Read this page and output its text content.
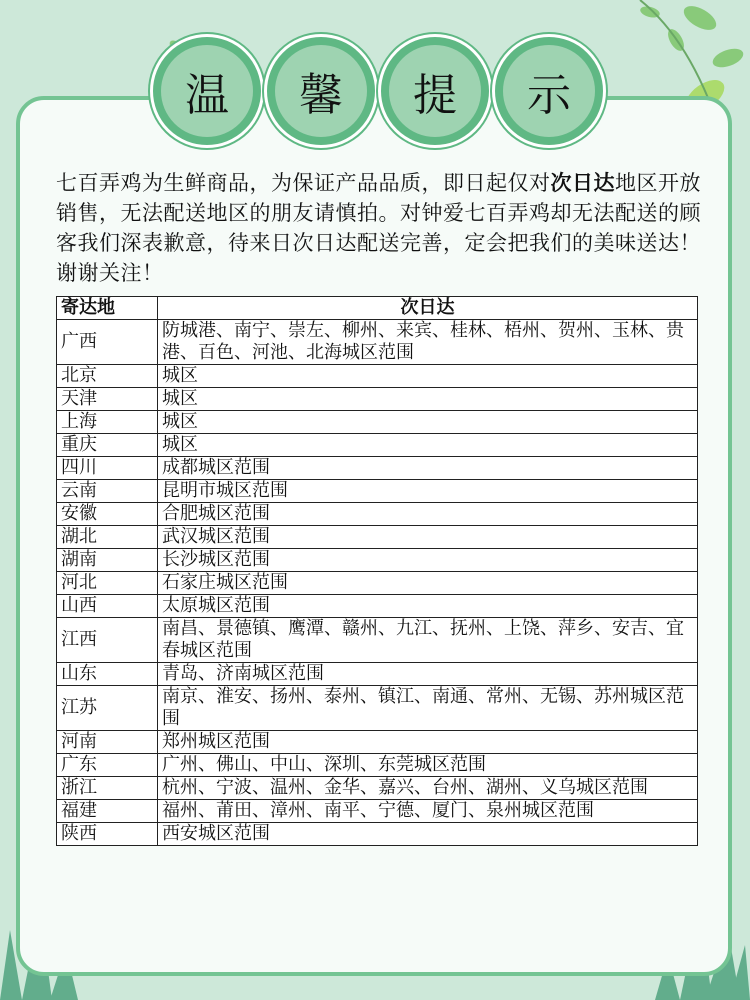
温	馨	提	示
七百弄鸡为生鲜商品，为保证产品品质，即日起仅对次日达地区开放销售，无法配送地区的朋友请慎拍。对钟爱七百弄鸡却无法配送的顾客我们深表歉意，待来日次日达配送完善，定会把我们的美味送达！谢谢关注！
寄达地	次日达
广西	防城港、南宁、崇左、柳州、来宾、桂林、梧州、贺州、玉林、贵港、百色、河池、北海城区范围
北京	城区
天津	城区
上海	城区
重庆	城区
四川	成都城区范围
云南	昆明市城区范围
安徽	合肥城区范围
湖北	武汉城区范围
湖南	长沙城区范围
河北	石家庄城区范围
山西	太原城区范围
江西	南昌、景德镇、鹰潭、赣州、九江、抚州、上饶、萍乡、安吉、宜春城区范围
山东	青岛、济南城区范围
江苏	南京、淮安、扬州、泰州、镇江、南通、常州、无锡、苏州城区范围
河南	郑州城区范围
广东	广州、佛山、中山、深圳、东莞城区范围
浙江	杭州、宁波、温州、金华、嘉兴、台州、湖州、义乌城区范围
福建	福州、莆田、漳州、南平、宁德、厦门、泉州城区范围
陕西	西安城区范围
